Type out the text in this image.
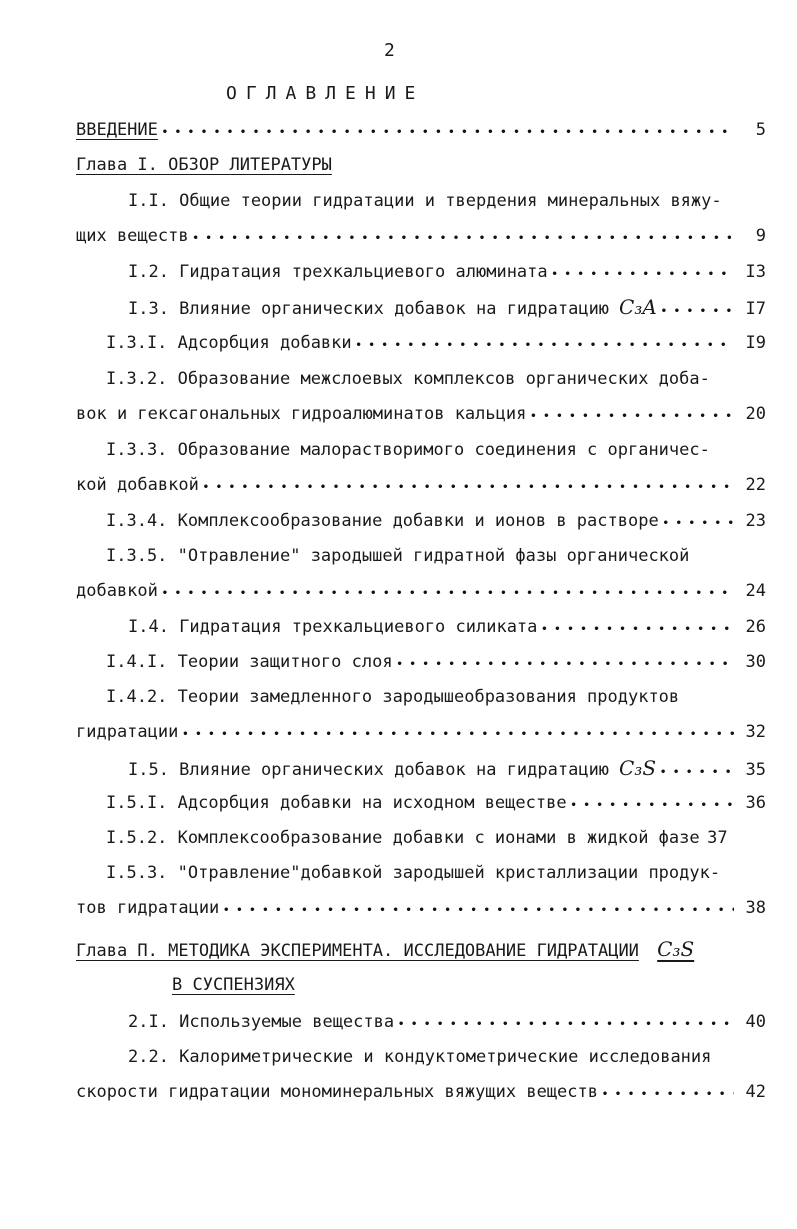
2
ОГЛАВЛЕНИЕ
ВВЕДЕНИЕ •••••	5
Глава I. ОБЗОР ЛИТЕРАТУРЫ
I.I. Общие теории гидратации и твердения минеральных вяжу-
щих веществ •••••	9
I.2. Гидратация трехкальциевого алюмината •••••	I3
I.3. Влияние органических добавок на гидратацию C₃A •••••	I7
I.3.I. Адсорбция добавки •••••	I9
I.3.2. Образование межслоевых комплексов органических доба-
вок и гексагональных гидроалюминатов кальция •••••	20
I.3.3. Образование малорастворимого соединения с органичес-
кой добавкой •••••	22
I.3.4. Комплексообразование добавки и ионов в растворе •••••	23
I.3.5. "Отравление" зародышей гидратной фазы органической
добавкой •••••	24
I.4. Гидратация трехкальциевого силиката •••••	26
I.4.I. Теории защитного слоя •••••	30
I.4.2. Теории замедленного зародышеобразования продуктов
гидратации •••••	32
I.5. Влияние органических добавок на гидратацию C₃S •••••	35
I.5.I. Адсорбция добавки на исходном веществе •••••	36
I.5.2. Комплексообразование добавки с ионами в жидкой фазе 37
I.5.3. "Отравление"добавкой зародышей кристаллизации продук-
тов гидратации •••••	38
Глава П. МЕТОДИКА ЭКСПЕРИМЕНТА. ИССЛЕДОВАНИЕ ГИДРАТАЦИИ C₃S
В СУСПЕНЗИЯХ
2.I. Используемые вещества •••••	40
2.2. Калориметрические и кондуктометрические исследования
скорости гидратации мономинеральных вяжущих веществ •••••	42
